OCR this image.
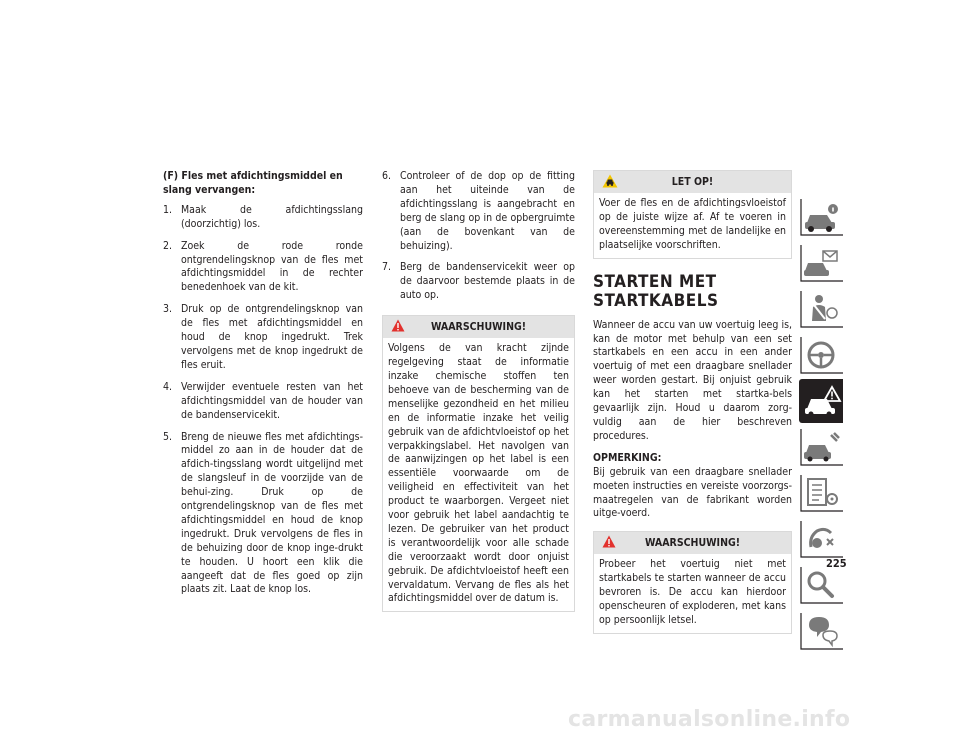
(F) Fles met afdichtingsmiddel en slang vervangen:

1. Maak de afdichtingsslang (doorzichtig) los.
2. Zoek de rode ronde ontgrendelingsknop van de fles met afdichtingsmiddel in de rechter benedenhoek van de kit.
3. Druk op de ontgrendelingsknop van de fles met afdichtingsmiddel en houd de knop ingedrukt. Trek vervolgens met de knop ingedrukt de fles eruit.
4. Verwijder eventuele resten van het afdichtingsmiddel van de houder van de bandenservicekit.
5. Breng de nieuwe fles met afdichtings-middel zo aan in de houder dat de afdich-tingsslang wordt uitgelijnd met de slangsleuf in de voorzijde van de behui-zing. Druk op de ontgrendelingsknop van de fles met afdichtingsmiddel en houd de knop ingedrukt. Druk vervolgens de fles in de behuizing door de knop inge-drukt te houden. U hoort een klik die aangeeft dat de fles goed op zijn plaats zit. Laat de knop los.
6. Controleer of de dop op de fitting aan het uiteinde van de afdichtingsslang is aangebracht en berg de slang op in de opbergruimte (aan de bovenkant van de behuizing).
7. Berg de bandenservicekit weer op de daarvoor bestemde plaats in de auto op.
WAARSCHUWING!
Volgens de van kracht zijnde regelgeving staat de informatie inzake chemische stoffen ten behoeve van de bescherming van de menselijke gezondheid en het milieu en de informatie inzake het veilig gebruik van de afdichtvloeistof op het verpakkingslabel. Het navolgen van de aanwijzingen op het label is een essentiële voorwaarde om de veiligheid en effectiviteit van het product te waarborgen. Vergeet niet voor gebruik het label aandachtig te lezen. De gebruiker van het product is verantwoordelijk voor alle schade die veroorzaakt wordt door onjuist gebruik. De afdichtvloeistof heeft een vervaldatum. Vervang de fles als het afdichtingsmiddel over de datum is.
LET OP!
Voer de fles en de afdichtingsvloeistof op de juiste wijze af. Af te voeren in overeenstemming met de landelijke en plaatselijke voorschriften.
STARTEN MET
STARTKABELS

Wanneer de accu van uw voertuig leeg is, kan de motor met behulp van een set startkabels en een accu in een ander voertuig of met een draagbare snellader weer worden gestart. Bij onjuist gebruik kan het starten met startka-bels gevaarlijk zijn. Houd u daarom zorg-vuldig aan de hier beschreven procedures.

OPMERKING:

Bij gebruik van een draagbare snellader moeten instructies en vereiste voorzorgs-maatregelen van de fabrikant worden uitge-voerd.

WAARSCHUWING!
Probeer het voertuig niet met startkabels te starten wanneer de accu bevroren is. De accu kan hierdoor openscheuren of exploderen, met kans op persoonlijk letsel.
225
carmanualsonline.info
